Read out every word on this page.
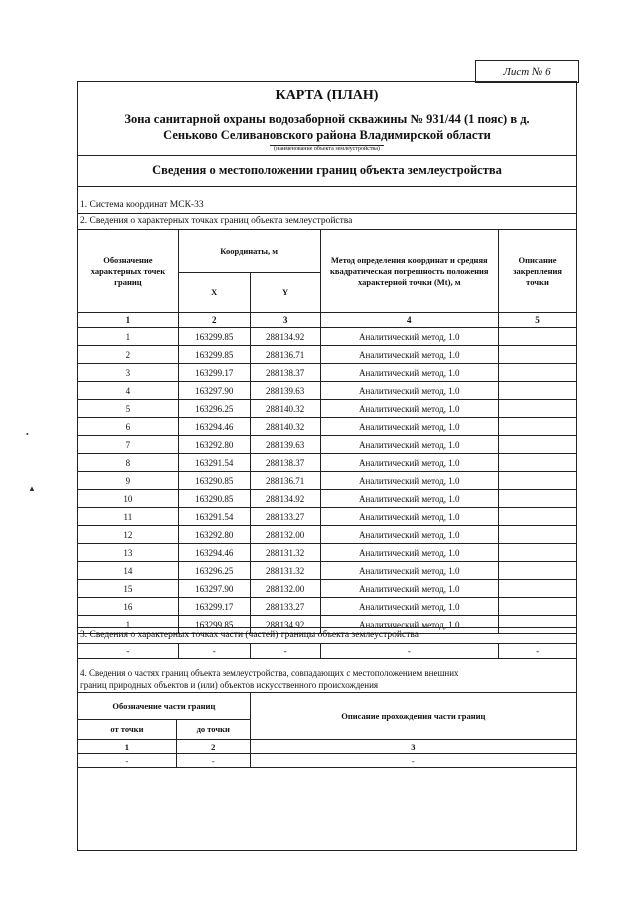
Лист № 6
КАРТА (ПЛАН)
Зона санитарной охраны водозаборной скважины № 931/44 (1 пояс) в д.
Сеньково Селивановского района Владимирской области
(наименование объекта землеустройства)
Сведения о местоположении границ объекта землеустройства
1. Система координат МСК-33
2. Сведения о характерных точках границ объекта землеустройства
Обозначение характерных точек границ	Координаты, м		Метод определения координат и средняя квадратическая погрешность положения характерной точки (Mt), м	Описание закрепления точки
	X	Y		
1	2	3	4	5
1	163299.85	288134.92	Аналитический метод, 1.0	
2	163299.85	288136.71	Аналитический метод, 1.0	
3	163299.17	288138.37	Аналитический метод, 1.0	
4	163297.90	288139.63	Аналитический метод, 1.0	
5	163296.25	288140.32	Аналитический метод, 1.0	
6	163294.46	288140.32	Аналитический метод, 1.0	
7	163292.80	288139.63	Аналитический метод, 1.0	
8	163291.54	288138.37	Аналитический метод, 1.0	
9	163290.85	288136.71	Аналитический метод, 1.0	
10	163290.85	288134.92	Аналитический метод, 1.0	
11	163291.54	288133.27	Аналитический метод, 1.0	
12	163292.80	288132.00	Аналитический метод, 1.0	
13	163294.46	288131.32	Аналитический метод, 1.0	
14	163296.25	288131.32	Аналитический метод, 1.0	
15	163297.90	288132.00	Аналитический метод, 1.0	
16	163299.17	288133.27	Аналитический метод, 1.0	
1	163299.85	288134.92	Аналитический метод, 1.0	
3. Сведения о характерных точках части (частей) границы объекта землеустройства
-	-	-	-	-
4. Сведения о частях границ объекта землеустройства, совпадающих с местоположением внешних
границ природных объектов и (или) объектов искусственного происхождения
Обозначение части границ		Описание прохождения части границ
от точки	до точки	
1	2	3
-	-	-
•
▲
